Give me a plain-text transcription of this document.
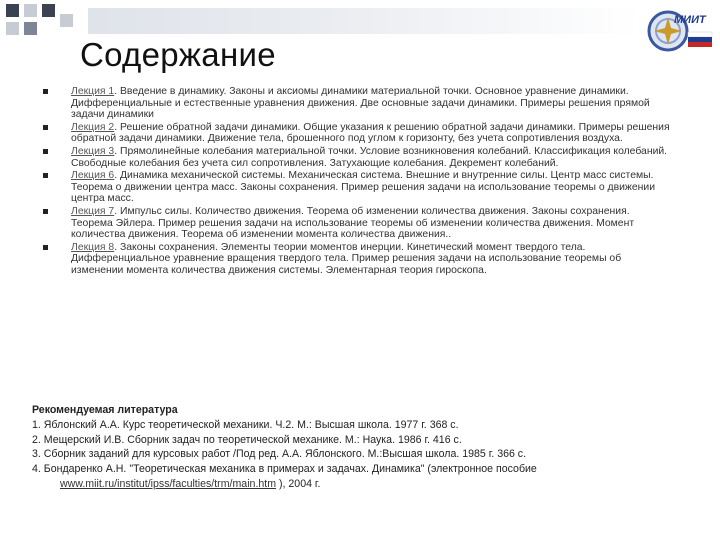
МИИТ
Содержание
Лекция 1. Введение в динамику. Законы и аксиомы динамики материальной точки. Основное уравнение динамики. Дифференциальные и естественные уравнения движения. Две основные задачи динамики. Примеры решения прямой задачи динамики
Лекция 2. Решение обратной задачи динамики. Общие указания к решению обратной задачи динамики. Примеры решения обратной задачи динамики. Движение тела, брошенного под углом к горизонту, без учета сопротивления воздуха.
Лекция 3. Прямолинейные колебания материальной точки. Условие возникновения колебаний. Классификация колебаний. Свободные колебания без учета сил сопротивления. Затухающие колебания. Декремент колебаний.
Лекция 6. Динамика механической системы. Механическая система. Внешние и внутренние силы. Центр масс системы. Теорема о движении центра масс. Законы сохранения. Пример решения задачи на использование теоремы о движении центра масс.
Лекция 7. Импульс силы. Количество движения. Теорема об изменении количества движения. Законы сохранения. Теорема Эйлера. Пример решения задачи на использование теоремы об изменении количества движения. Момент количества движения. Теорема об изменении момента количества движения..
Лекция 8. Законы сохранения. Элементы теории моментов инерции. Кинетический момент твердого тела. Дифференциальное уравнение вращения твердого тела. Пример решения задачи на использование теоремы об изменении момента количества движения системы. Элементарная теория гироскопа.
Рекомендуемая литература
1. Яблонский А.А. Курс теоретической механики. Ч.2. М.: Высшая школа. 1977 г. 368 с.
2. Мещерский И.В. Сборник задач по теоретической механике. М.: Наука. 1986 г. 416 с.
3. Сборник заданий для курсовых работ /Под ред. А.А. Яблонского. М.:Высшая школа. 1985 г. 366 с.
4. Бондаренко А.Н. "Теоретическая механика в примерах и задачах. Динамика" (электронное пособие
www.miit.ru/institut/ipss/faculties/trm/main.htm ), 2004 г.
